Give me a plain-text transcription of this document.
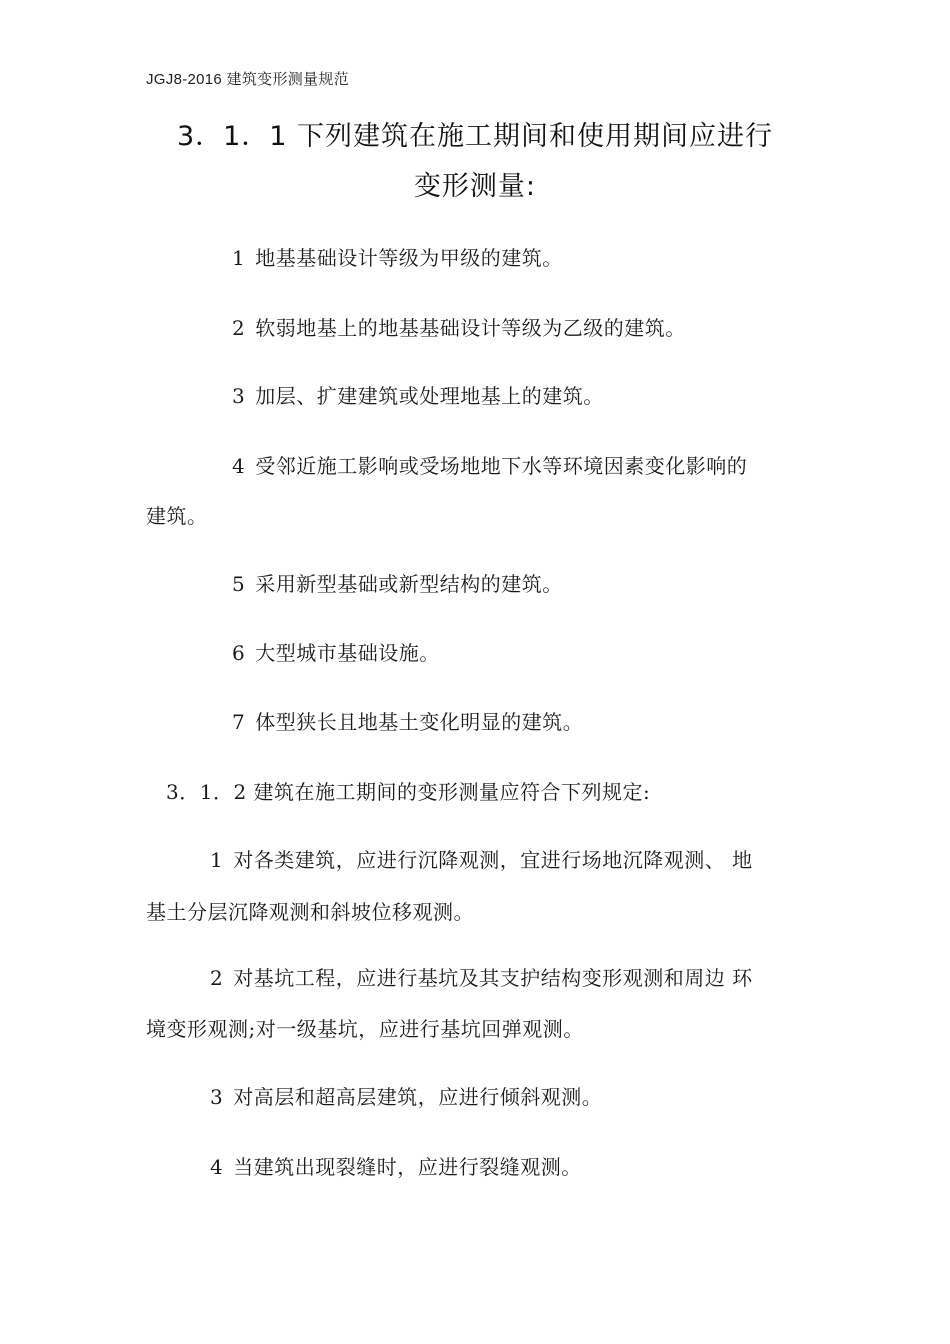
JGJ8-2016 建筑变形测量规范
3．1．1 下列建筑在施工期间和使用期间应进行
变形测量:
1 地基基础设计等级为甲级的建筑。
2 软弱地基上的地基基础设计等级为乙级的建筑。
3 加层、扩建建筑或处理地基上的建筑。
4 受邻近施工影响或受场地地下水等环境因素变化影响的
建筑。
5 采用新型基础或新型结构的建筑。
6 大型城市基础设施。
7 体型狭长且地基土变化明显的建筑。
3．1．2 建筑在施工期间的变形测量应符合下列规定:
1 对各类建筑，应进行沉降观测，宜进行场地沉降观测、 地
基土分层沉降观测和斜坡位移观测。
2 对基坑工程，应进行基坑及其支护结构变形观测和周边 环
境变形观测;对一级基坑，应进行基坑回弹观测。
3 对高层和超高层建筑，应进行倾斜观测。
4 当建筑出现裂缝时，应进行裂缝观测。
